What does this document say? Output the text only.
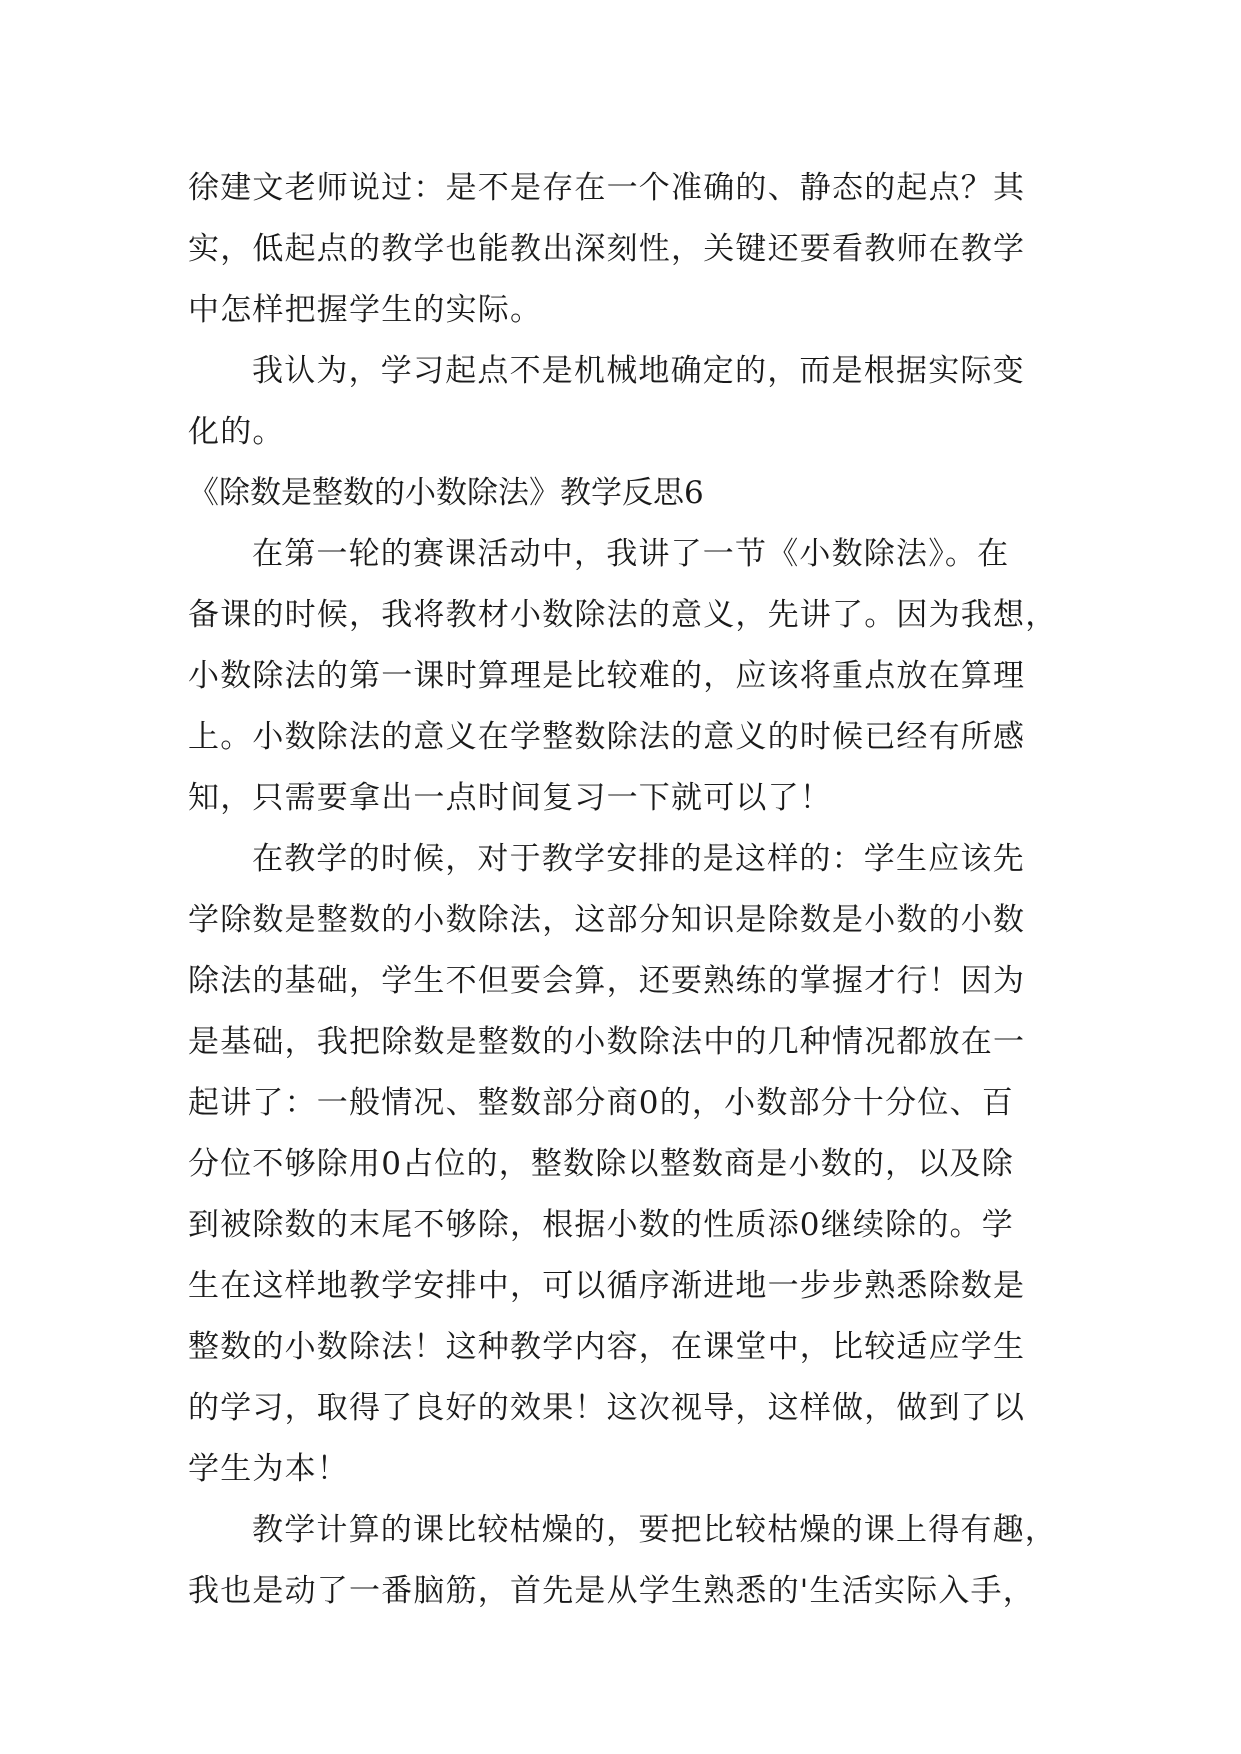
徐建文老师说过：是不是存在一个准确的、静态的起点？其
实，低起点的教学也能教出深刻性，关键还要看教师在教学
中怎样把握学生的实际。
我认为，学习起点不是机械地确定的，而是根据实际变
化的。
《除数是整数的小数除法》教学反思6
在第一轮的赛课活动中，我讲了一节《小数除法》。在
备课的时候，我将教材小数除法的意义，先讲了。因为我想，
小数除法的第一课时算理是比较难的，应该将重点放在算理
上。小数除法的意义在学整数除法的意义的时候已经有所感
知，只需要拿出一点时间复习一下就可以了！
在教学的时候，对于教学安排的是这样的：学生应该先
学除数是整数的小数除法，这部分知识是除数是小数的小数
除法的基础，学生不但要会算，还要熟练的掌握才行！因为
是基础，我把除数是整数的小数除法中的几种情况都放在一
起讲了：一般情况、整数部分商0的，小数部分十分位、百
分位不够除用0占位的，整数除以整数商是小数的，以及除
到被除数的末尾不够除，根据小数的性质添0继续除的。学
生在这样地教学安排中，可以循序渐进地一步步熟悉除数是
整数的小数除法！这种教学内容，在课堂中，比较适应学生
的学习，取得了良好的效果！这次视导，这样做，做到了以
学生为本！
教学计算的课比较枯燥的，要把比较枯燥的课上得有趣，
我也是动了一番脑筋，首先是从学生熟悉的'生活实际入手，
